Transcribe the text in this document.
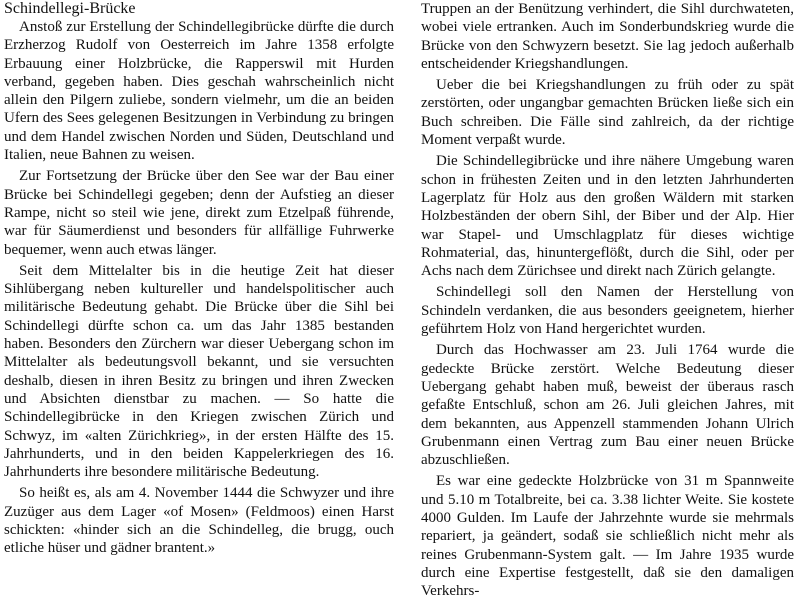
Schindellegi-Brücke

Anstoß zur Erstellung der Schindellegibrücke dürfte die durch Erzherzog Rudolf von Oesterreich im Jahre 1358 erfolgte Erbauung einer Holzbrücke, die Rapperswil mit Hurden verband, gegeben haben. Dies geschah wahrscheinlich nicht allein den Pilgern zuliebe, sondern vielmehr, um die an beiden Ufern des Sees gelegenen Besitzungen in Verbindung zu bringen und dem Handel zwischen Norden und Süden, Deutschland und Italien, neue Bahnen zu weisen.

Zur Fortsetzung der Brücke über den See war der Bau einer Brücke bei Schindellegi gegeben; denn der Aufstieg an dieser Rampe, nicht so steil wie jene, direkt zum Etzelpaß führende, war für Säumerdienst und besonders für allfällige Fuhrwerke bequemer, wenn auch etwas länger.

Seit dem Mittelalter bis in die heutige Zeit hat dieser Sihlübergang neben kultureller und handelspolitischer auch militärische Bedeutung gehabt. Die Brücke über die Sihl bei Schindellegi dürfte schon ca. um das Jahr 1385 bestanden haben. Besonders den Zürchern war dieser Uebergang schon im Mittelalter als bedeutungsvoll bekannt, und sie versuchten deshalb, diesen in ihren Besitz zu bringen und ihren Zwecken und Absichten dienstbar zu machen. — So hatte die Schindellegibrücke in den Kriegen zwischen Zürich und Schwyz, im «alten Zürichkrieg», in der ersten Hälfte des 15. Jahrhunderts, und in den beiden Kappelerkriegen des 16. Jahrhunderts ihre besondere militärische Bedeutung.

So heißt es, als am 4. November 1444 die Schwyzer und ihre Zuzüger aus dem Lager «of Mosen» (Feldmoos) einen Harst schickten: «hinder sich an die Schindelleg, die brugg, ouch etliche hüser und gädner brantent.»

Truppen an der Benützung verhindert, die Sihl durchwateten, wobei viele ertranken. Auch im Sonderbundskrieg wurde die Brücke von den Schwyzern besetzt. Sie lag jedoch außerhalb entscheidender Kriegshandlungen.

Ueber die bei Kriegshandlungen zu früh oder zu spät zerstörten, oder ungangbar gemachten Brücken ließe sich ein Buch schreiben. Die Fälle sind zahlreich, da der richtige Moment verpaßt wurde.

Die Schindellegibrücke und ihre nähere Umgebung waren schon in frühesten Zeiten und in den letzten Jahrhunderten Lagerplatz für Holz aus den großen Wäldern mit starken Holzbeständen der obern Sihl, der Biber und der Alp. Hier war Stapel- und Umschlagplatz für dieses wichtige Rohmaterial, das, hinuntergeflößt, durch die Sihl, oder per Achs nach dem Zürichsee und direkt nach Zürich gelangte.

Schindellegi soll den Namen der Herstellung von Schindeln verdanken, die aus besonders geeignetem, hierher geführtem Holz von Hand hergerichtet wurden.

Durch das Hochwasser am 23. Juli 1764 wurde die gedeckte Brücke zerstört. Welche Bedeutung dieser Uebergang gehabt haben muß, beweist der überaus rasch gefaßte Entschluß, schon am 26. Juli gleichen Jahres, mit dem bekannten, aus Appenzell stammenden Johann Ulrich Grubenmann einen Vertrag zum Bau einer neuen Brücke abzuschließen.

Es war eine gedeckte Holzbrücke von 31 m Spannweite und 5.10 m Totalbreite, bei ca. 3.38 lichter Weite. Sie kostete 4000 Gulden. Im Laufe der Jahrzehnte wurde sie mehrmals repariert, ja geändert, sodaß sie schließlich nicht mehr als reines Grubenmann-System galt. — Im Jahre 1935 wurde durch eine Expertise festgestellt, daß sie den damaligen Verkehrs-
